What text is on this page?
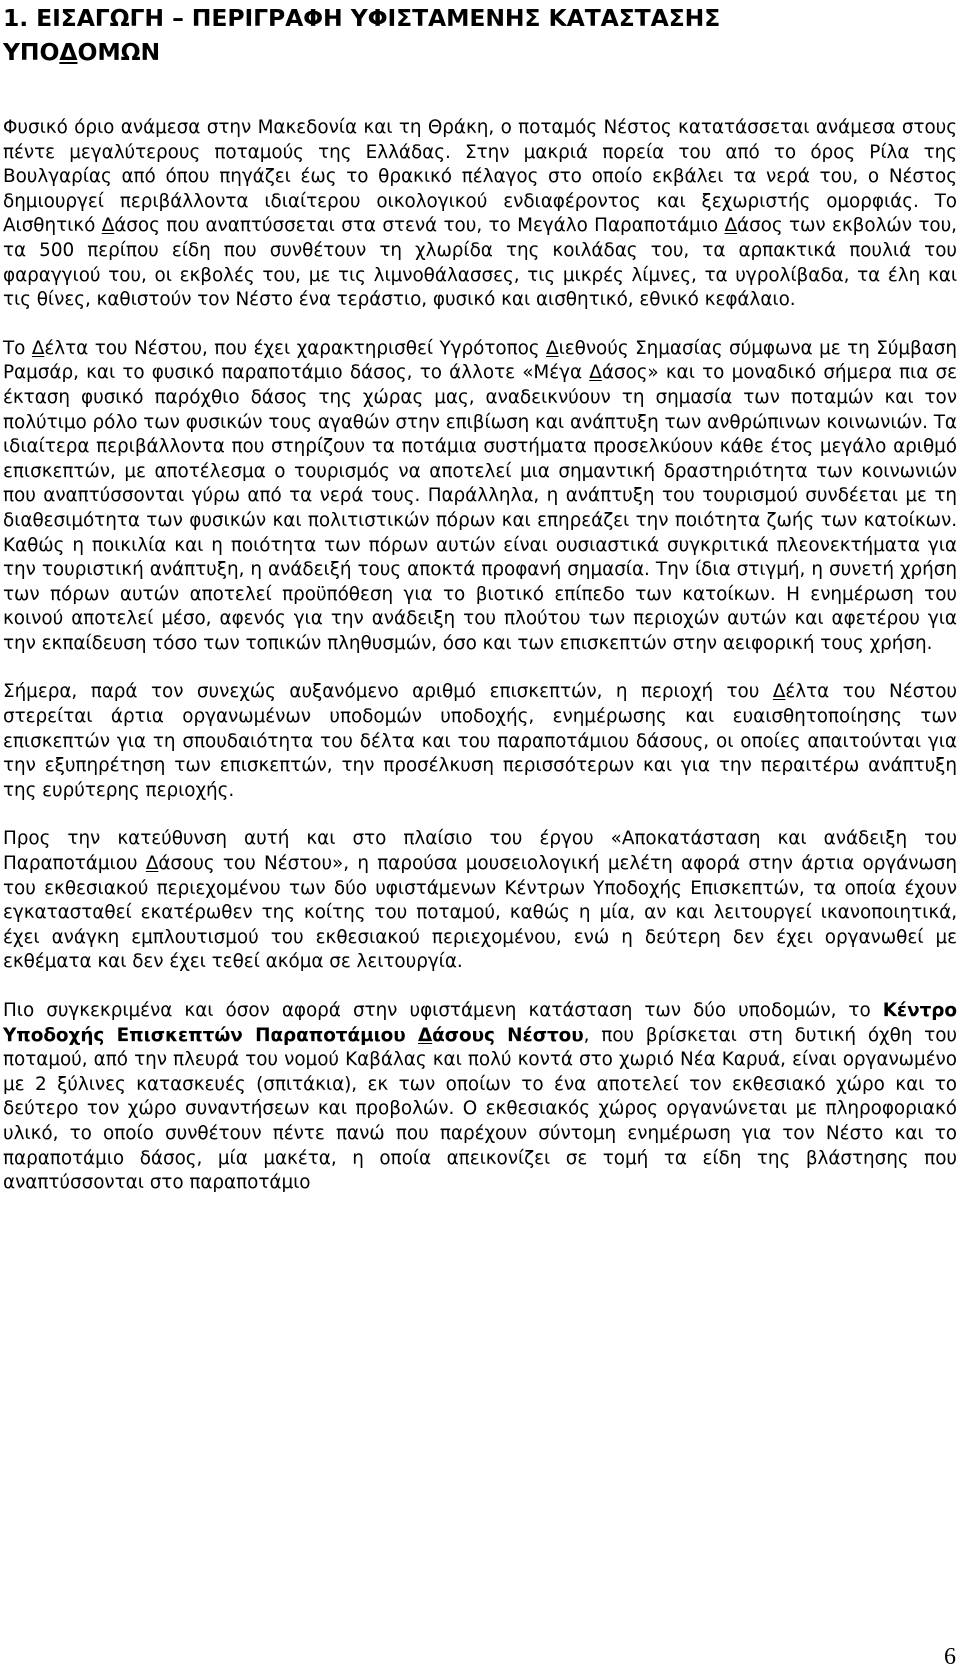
1. ΕΙΣΑΓΩΓΗ – ΠΕΡΙΓΡΑΦΗ ΥΦΙΣΤΑΜΕΝΗΣ ΚΑΤΑΣΤΑΣΗΣ
ΥΠΟΔΟΜΩΝ

Φυσικό όριο ανάμεσα στην Μακεδονία και τη Θράκη, ο ποταμός Νέστος κατατάσσεται ανάμεσα στους πέντε μεγαλύτερους ποταμούς της Ελλάδας. Στην μακριά πορεία του από το όρος Ρίλα της Βουλγαρίας από όπου πηγάζει έως το θρακικό πέλαγος στο οποίο εκβάλει τα νερά του, ο Νέστος δημιουργεί περιβάλλοντα ιδιαίτερου οικολογικού ενδιαφέροντος και ξεχωριστής ομορφιάς. Το Αισθητικό Δάσος που αναπτύσσεται στα στενά του, το Μεγάλο Παραποτάμιο Δάσος των εκβολών του, τα 500 περίπου είδη που συνθέτουν τη χλωρίδα της κοιλάδας του, τα αρπακτικά πουλιά του φαραγγιού του, οι εκβολές του, με τις λιμνοθάλασσες, τις μικρές λίμνες, τα υγρολίβαδα, τα έλη και τις θίνες, καθιστούν τον Νέστο ένα τεράστιο, φυσικό και αισθητικό, εθνικό κεφάλαιο.

Το Δέλτα του Νέστου, που έχει χαρακτηρισθεί Υγρότοπος Διεθνούς Σημασίας σύμφωνα με τη Σύμβαση Ραμσάρ, και το φυσικό παραποτάμιο δάσος, το άλλοτε «Μέγα Δάσος» και το μοναδικό σήμερα πια σε έκταση φυσικό παρόχθιο δάσος της χώρας μας, αναδεικνύουν τη σημασία των ποταμών και τον πολύτιμο ρόλο των φυσικών τους αγαθών στην επιβίωση και ανάπτυξη των ανθρώπινων κοινωνιών. Τα ιδιαίτερα περιβάλλοντα που στηρίζουν τα ποτάμια συστήματα προσελκύουν κάθε έτος μεγάλο αριθμό επισκεπτών, με αποτέλεσμα ο τουρισμός να αποτελεί μια σημαντική δραστηριότητα των κοινωνιών που αναπτύσσονται γύρω από τα νερά τους. Παράλληλα, η ανάπτυξη του τουρισμού συνδέεται με τη διαθεσιμότητα των φυσικών και πολιτιστικών πόρων και επηρεάζει την ποιότητα ζωής των κατοίκων. Καθώς η ποικιλία και η ποιότητα των πόρων αυτών είναι ουσιαστικά συγκριτικά πλεονεκτήματα για την τουριστική ανάπτυξη, η ανάδειξή τους αποκτά προφανή σημασία. Την ίδια στιγμή, η συνετή χρήση των πόρων αυτών αποτελεί προϋπόθεση για το βιοτικό επίπεδο των κατοίκων. Η ενημέρωση του κοινού αποτελεί μέσο, αφενός για την ανάδειξη του πλούτου των περιοχών αυτών και αφετέρου για την εκπαίδευση τόσο των τοπικών πληθυσμών, όσο και των επισκεπτών στην αειφορική τους χρήση.

Σήμερα, παρά τον συνεχώς αυξανόμενο αριθμό επισκεπτών, η περιοχή του Δέλτα του Νέστου στερείται άρτια οργανωμένων υποδομών υποδοχής, ενημέρωσης και ευαισθητοποίησης των επισκεπτών για τη σπουδαιότητα του δέλτα και του παραποτάμιου δάσους, οι οποίες απαιτούνται για την εξυπηρέτηση των επισκεπτών, την προσέλκυση περισσότερων και για την περαιτέρω ανάπτυξη της ευρύτερης περιοχής.

Προς την κατεύθυνση αυτή και στο πλαίσιο του έργου «Αποκατάσταση και ανάδειξη του Παραποτάμιου Δάσους του Νέστου», η παρούσα μουσειολογική μελέτη αφορά στην άρτια οργάνωση του εκθεσιακού περιεχομένου των δύο υφιστάμενων Κέντρων Υποδοχής Επισκεπτών, τα οποία έχουν εγκατασταθεί εκατέρωθεν της κοίτης του ποταμού, καθώς η μία, αν και λειτουργεί ικανοποιητικά, έχει ανάγκη εμπλουτισμού του εκθεσιακού περιεχομένου, ενώ η δεύτερη δεν έχει οργανωθεί με εκθέματα και δεν έχει τεθεί ακόμα σε λειτουργία.

Πιο συγκεκριμένα και όσον αφορά στην υφιστάμενη κατάσταση των δύο υποδομών, το Κέντρο Υποδοχής Επισκεπτών Παραποτάμιου Δάσους Νέστου, που βρίσκεται στη δυτική όχθη του ποταμού, από την πλευρά του νομού Καβάλας και πολύ κοντά στο χωριό Νέα Καρυά, είναι οργανωμένο με 2 ξύλινες κατασκευές (σπιτάκια), εκ των οποίων το ένα αποτελεί τον εκθεσιακό χώρο και το δεύτερο τον χώρο συναντήσεων και προβολών. Ο εκθεσιακός χώρος οργανώνεται με πληροφοριακό υλικό, το οποίο συνθέτουν πέντε πανώ που παρέχουν σύντομη ενημέρωση για τον Νέστο και το παραποτάμιο δάσος, μία μακέτα, η οποία απεικονίζει σε τομή τα είδη της βλάστησης που αναπτύσσονται στο παραποτάμιο

6
